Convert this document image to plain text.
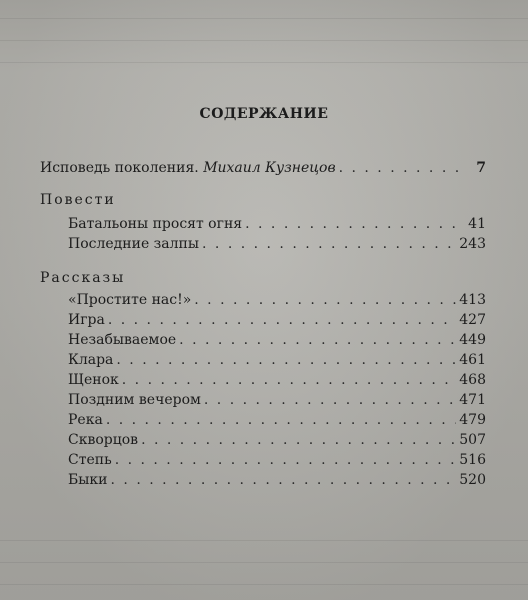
СОДЕРЖАНИЕ
Исповедь поколения. Михаил Кузнецов . . .	7
Повести
Батальоны просят огня . . .	41
Последние залпы . . .	243
Рассказы
«Простите нас!» . . .	413
Игра . . .	427
Незабываемое . . .	449
Клара . . .	461
Щенок . . .	468
Поздним вечером . . .	471
Река . . .	479
Скворцов . . .	507
Степь . . .	516
Быки . . .	520
